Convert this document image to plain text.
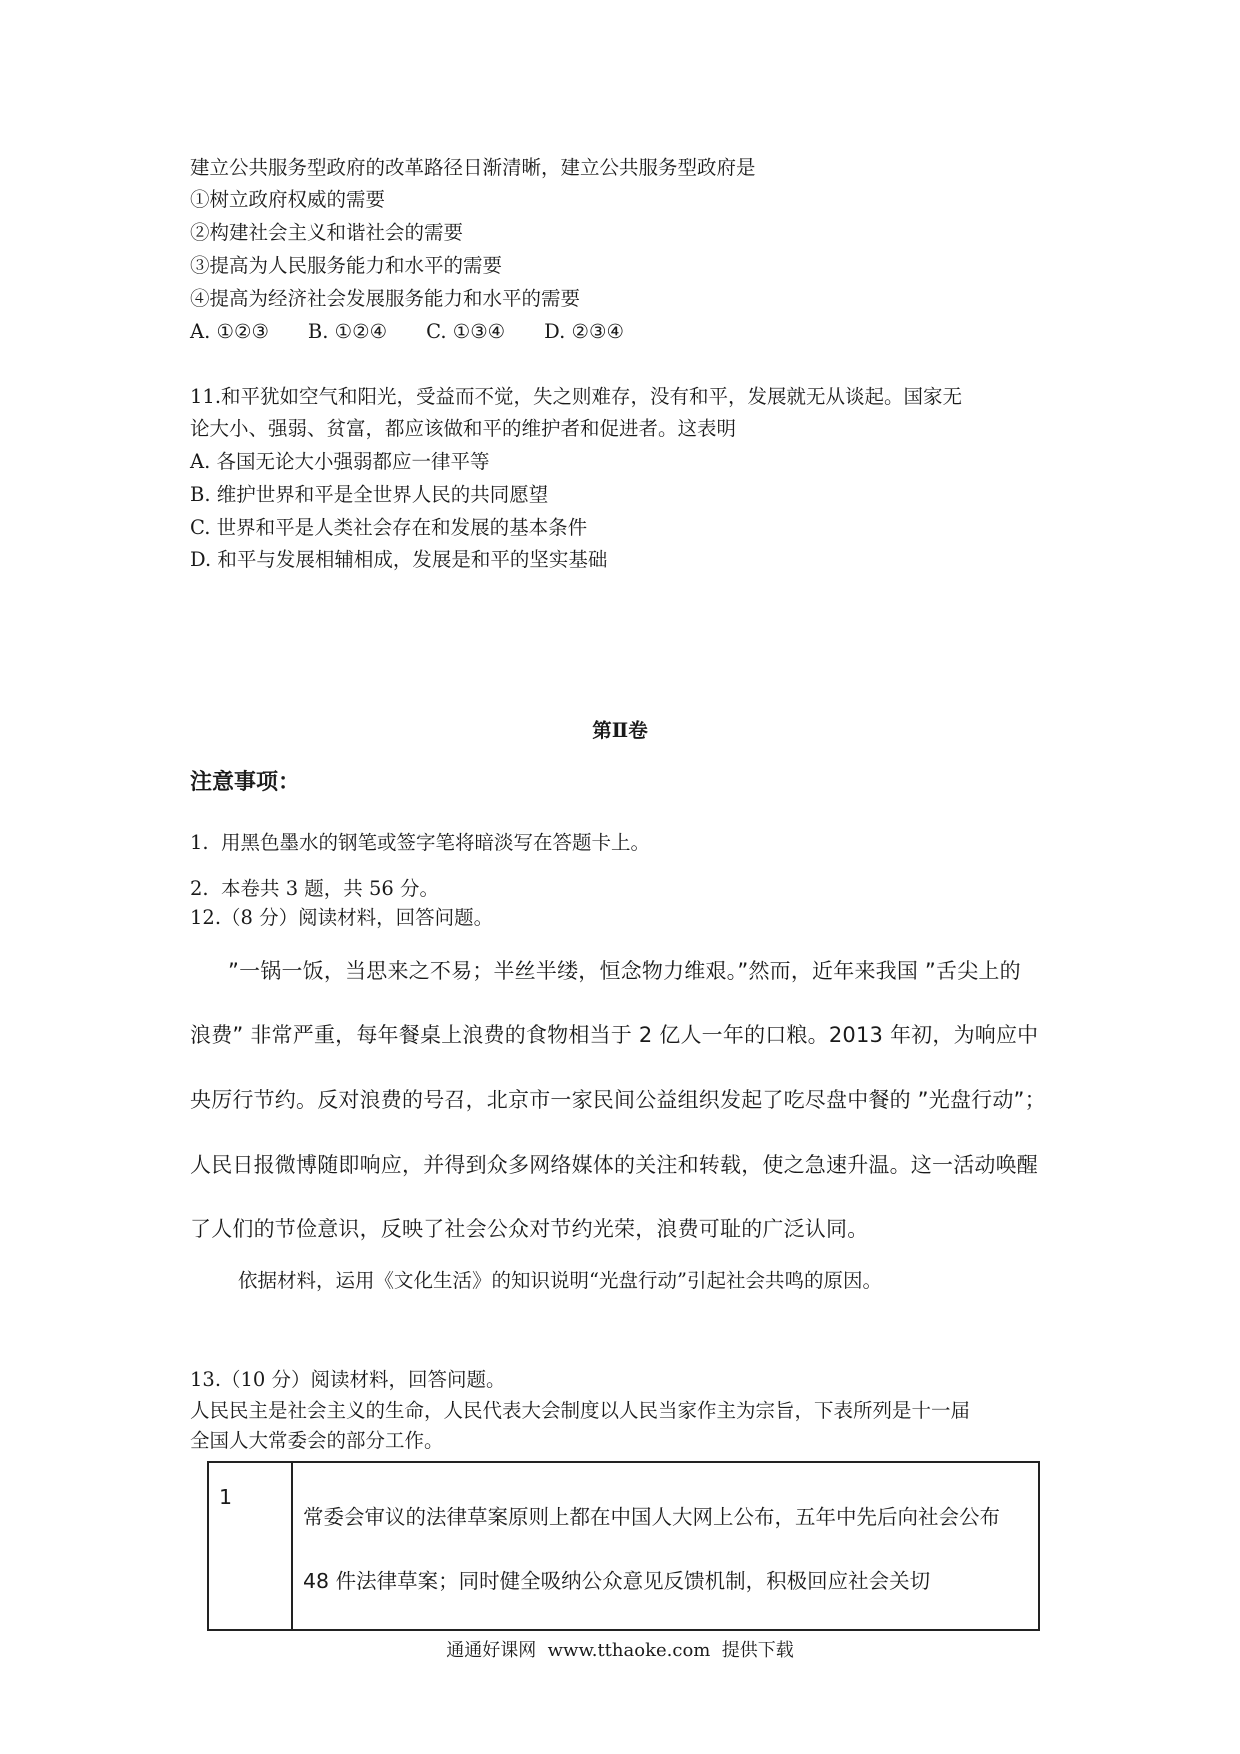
建立公共服务型政府的改革路径日渐清晰，建立公共服务型政府是
①树立政府权威的需要
②构建社会主义和谐社会的需要
③提高为人民服务能力和水平的需要
④提高为经济社会发展服务能力和水平的需要
A. ①②③　　B. ①②④　　C. ①③④　　D. ②③④
11.和平犹如空气和阳光，受益而不觉，失之则难存，没有和平，发展就无从谈起。国家无
论大小、强弱、贫富，都应该做和平的维护者和促进者。这表明
A. 各国无论大小强弱都应一律平等
B. 维护世界和平是全世界人民的共同愿望
C. 世界和平是人类社会存在和发展的基本条件
D. 和平与发展相辅相成，发展是和平的坚实基础
第Ⅱ卷
注意事项：
1.  用黑色墨水的钢笔或签字笔将暗淡写在答题卡上。
2.  本卷共 3 题，共 56 分。
12.（8 分）阅读材料，回答问题。
”一锅一饭，当思来之不易；半丝半缕，恒念物力维艰。”然而，近年来我国 ”舌尖上的
浪费” 非常严重，每年餐桌上浪费的食物相当于 2 亿人一年的口粮。2013 年初，为响应中
央厉行节约。反对浪费的号召，北京市一家民间公益组织发起了吃尽盘中餐的 ”光盘行动”；
人民日报微博随即响应，并得到众多网络媒体的关注和转载，使之急速升温。这一活动唤醒
了人们的节俭意识，反映了社会公众对节约光荣，浪费可耻的广泛认同。
依据材料，运用《文化生活》的知识说明“光盘行动”引起社会共鸣的原因。
13.（10 分）阅读材料，回答问题。
人民民主是社会主义的生命，人民代表大会制度以人民当家作主为宗旨，下表所列是十一届
全国人大常委会的部分工作。
1	常委会审议的法律草案原则上都在中国人大网上公布，五年中先后向社会公布 48 件法律草案；同时健全吸纳公众意见反馈机制，积极回应社会关切
通通好课网  www.tthaoke.com  提供下载
